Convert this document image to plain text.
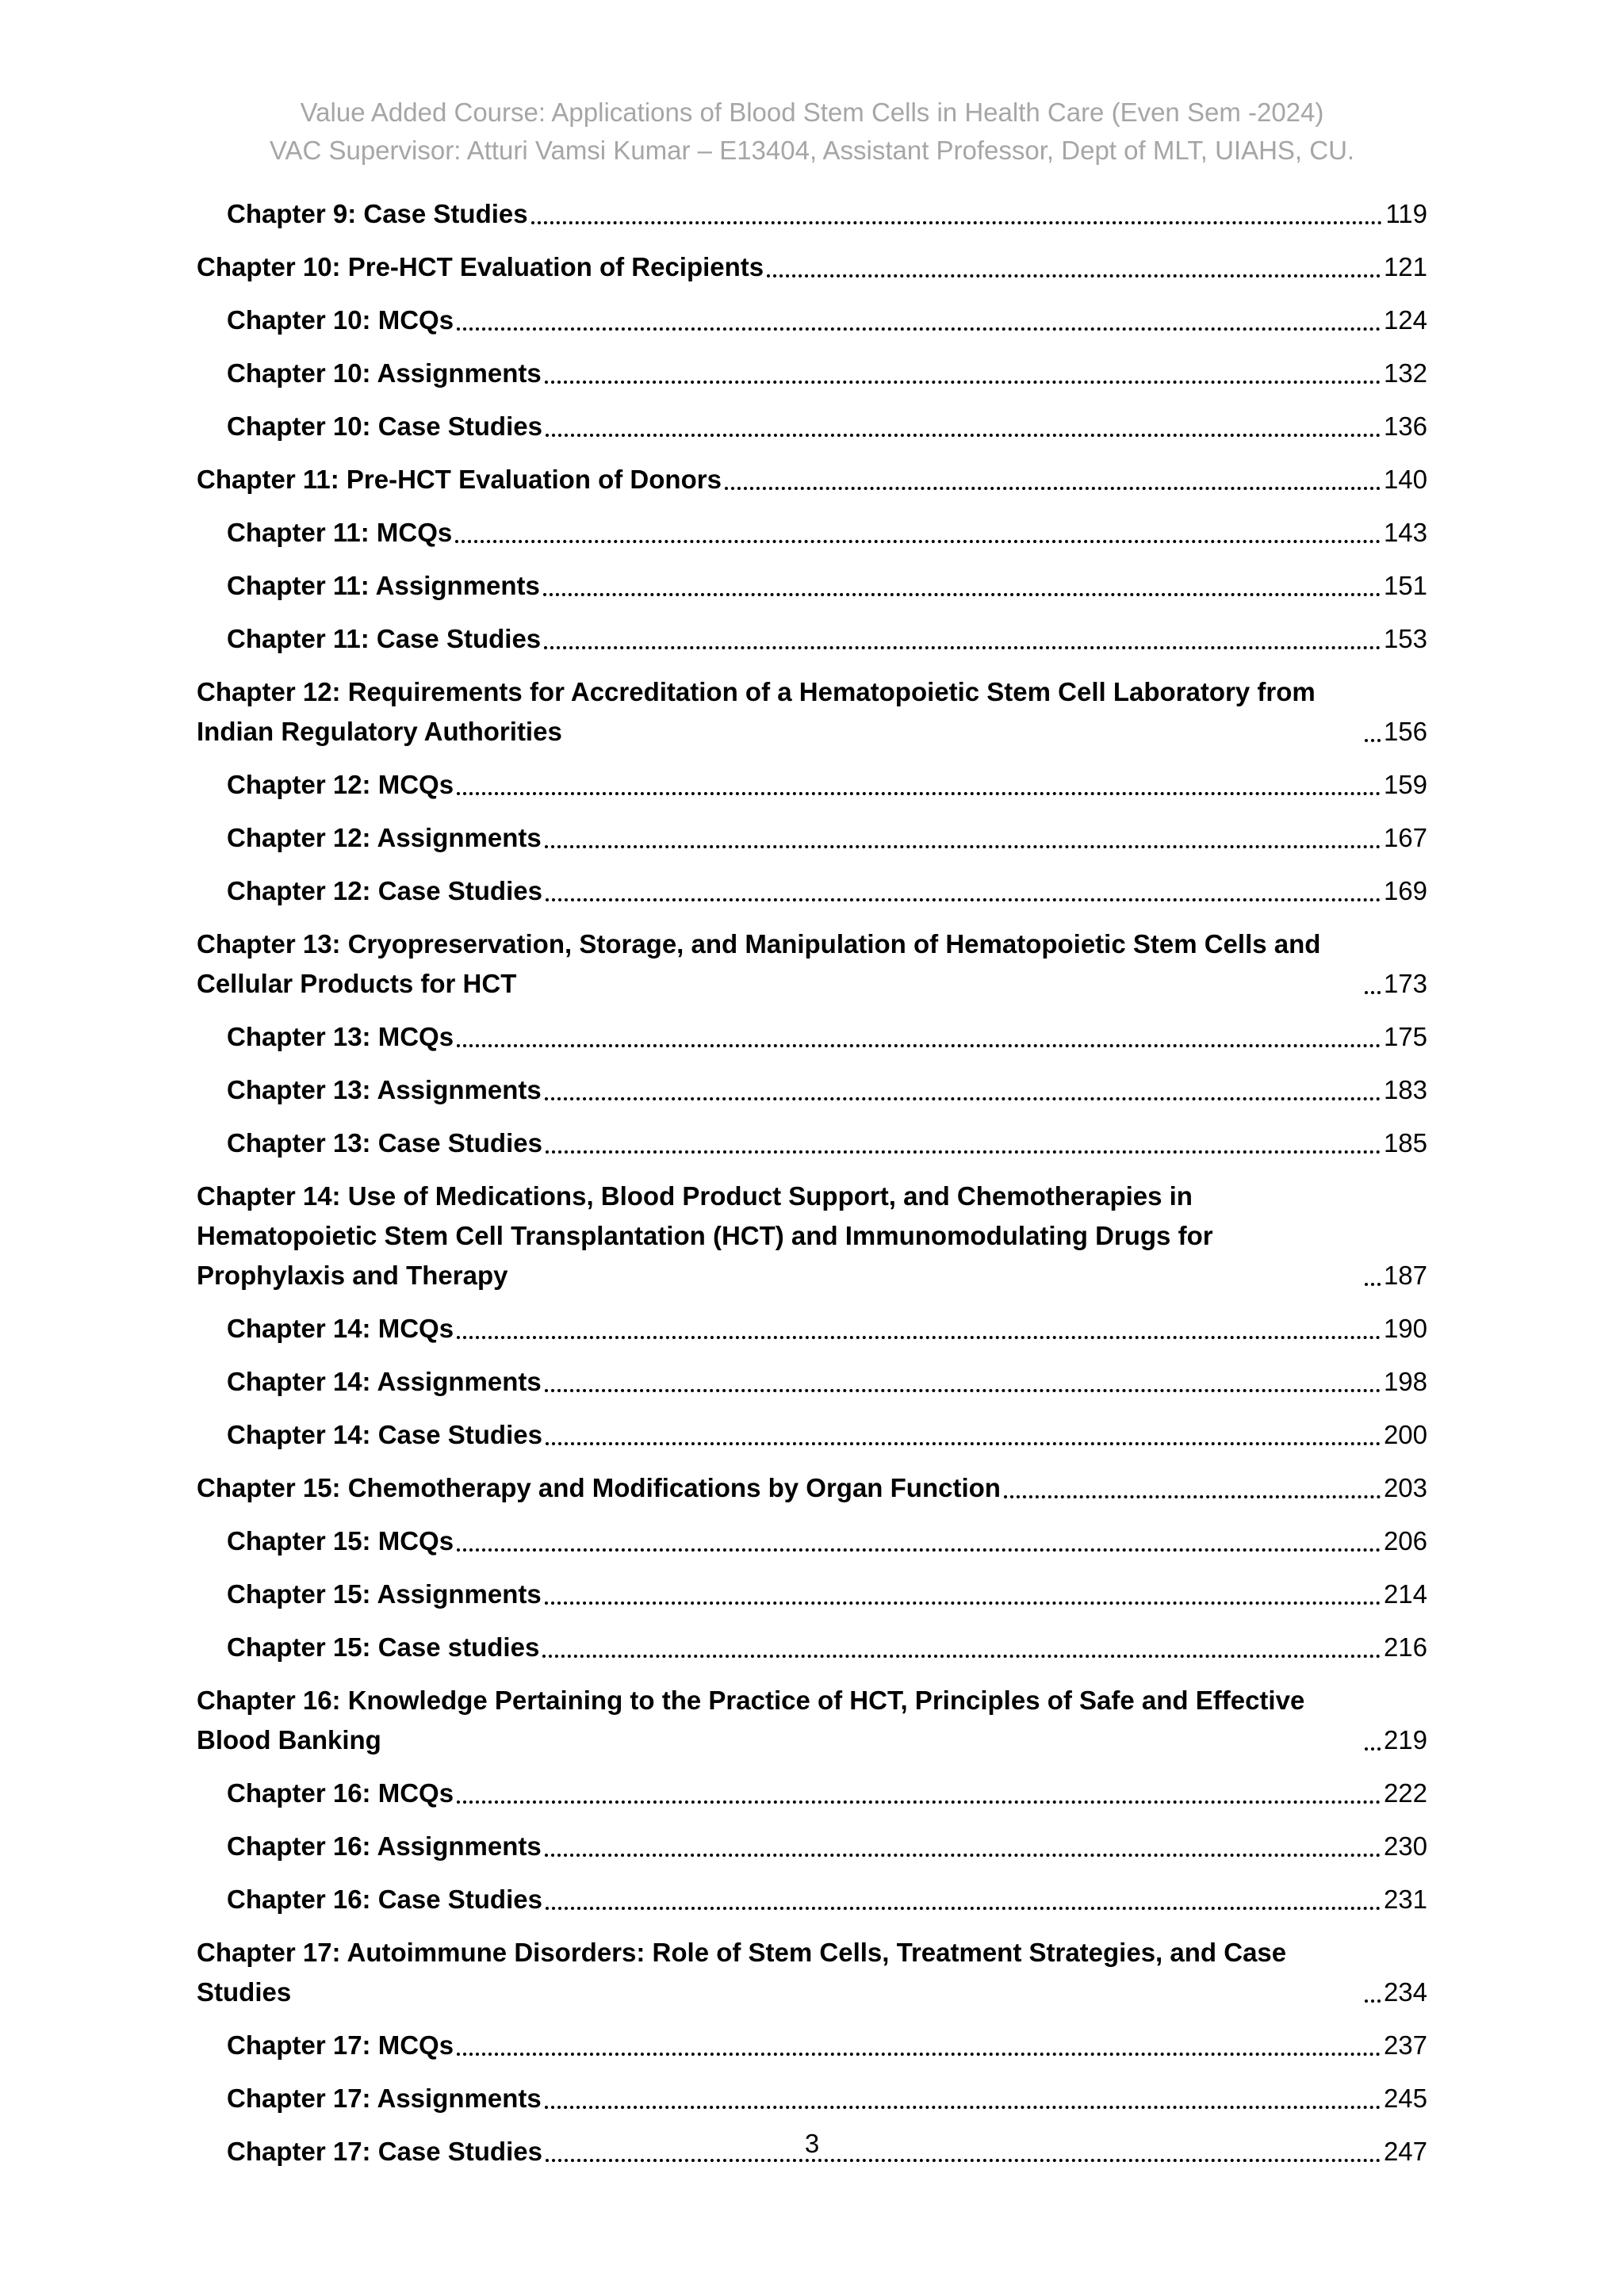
Value Added Course: Applications of Blood Stem Cells in Health Care (Even Sem -2024)
VAC Supervisor: Atturi Vamsi Kumar – E13404, Assistant Professor, Dept of MLT, UIAHS, CU.
Chapter 9: Case Studies	119
Chapter 10: Pre-HCT Evaluation of Recipients	121
Chapter 10: MCQs	124
Chapter 10: Assignments	132
Chapter 10: Case Studies	136
Chapter 11: Pre-HCT Evaluation of Donors	140
Chapter 11: MCQs	143
Chapter 11: Assignments	151
Chapter 11: Case Studies	153
Chapter 12: Requirements for Accreditation of a Hematopoietic Stem Cell Laboratory from Indian Regulatory Authorities	156
Chapter 12: MCQs	159
Chapter 12: Assignments	167
Chapter 12: Case Studies	169
Chapter 13: Cryopreservation, Storage, and Manipulation of Hematopoietic Stem Cells and Cellular Products for HCT	173
Chapter 13: MCQs	175
Chapter 13: Assignments	183
Chapter 13: Case Studies	185
Chapter 14: Use of Medications, Blood Product Support, and Chemotherapies in Hematopoietic Stem Cell Transplantation (HCT) and Immunomodulating Drugs for Prophylaxis and Therapy	187
Chapter 14: MCQs	190
Chapter 14: Assignments	198
Chapter 14: Case Studies	200
Chapter 15: Chemotherapy and Modifications by Organ Function	203
Chapter 15: MCQs	206
Chapter 15: Assignments	214
Chapter 15: Case studies	216
Chapter 16: Knowledge Pertaining to the Practice of HCT, Principles of Safe and Effective Blood Banking	219
Chapter 16: MCQs	222
Chapter 16: Assignments	230
Chapter 16: Case Studies	231
Chapter 17: Autoimmune Disorders: Role of Stem Cells, Treatment Strategies, and Case Studies	234
Chapter 17: MCQs	237
Chapter 17: Assignments	245
Chapter 17: Case Studies	247
3
